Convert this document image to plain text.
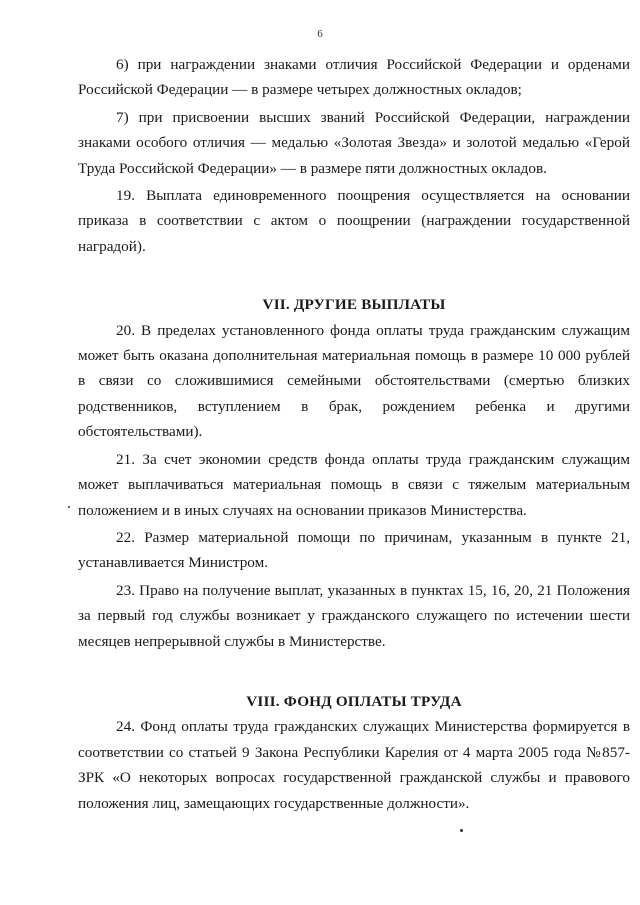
6

6) при награждении знаками отличия Российской Федерации и орденами Российской Федерации — в размере четырех должностных окладов;

7) при присвоении высших званий Российской Федерации, награждении знаками особого отличия — медалью «Золотая Звезда» и золотой медалью «Герой Труда Российской Федерации» — в размере пяти должностных окладов.

19. Выплата единовременного поощрения осуществляется на основании приказа в соответствии с актом о поощрении (награждении государственной наградой).

VII. ДРУГИЕ ВЫПЛАТЫ

20. В пределах установленного фонда оплаты труда гражданским служащим может быть оказана дополнительная материальная помощь в размере 10 000 рублей в связи со сложившимися семейными обстоятельствами (смертью близких родственников, вступлением в брак, рождением ребенка и другими обстоятельствами).

21. За счет экономии средств фонда оплаты труда гражданским служащим может выплачиваться материальная помощь в связи с тяжелым материальным положением и в иных случаях на основании приказов Министерства.

22. Размер материальной помощи по причинам, указанным в пункте 21, устанавливается Министром.

23. Право на получение выплат, указанных в пунктах 15, 16, 20, 21 Положения за первый год службы возникает у гражданского служащего по истечении шести месяцев непрерывной службы в Министерстве.

VIII. ФОНД ОПЛАТЫ ТРУДА

24. Фонд оплаты труда гражданских служащих Министерства формируется в соответствии со статьей 9 Закона Республики Карелия от 4 марта 2005 года №857-ЗРК «О некоторых вопросах государственной гражданской службы и правового положения лиц, замещающих государственные должности».
